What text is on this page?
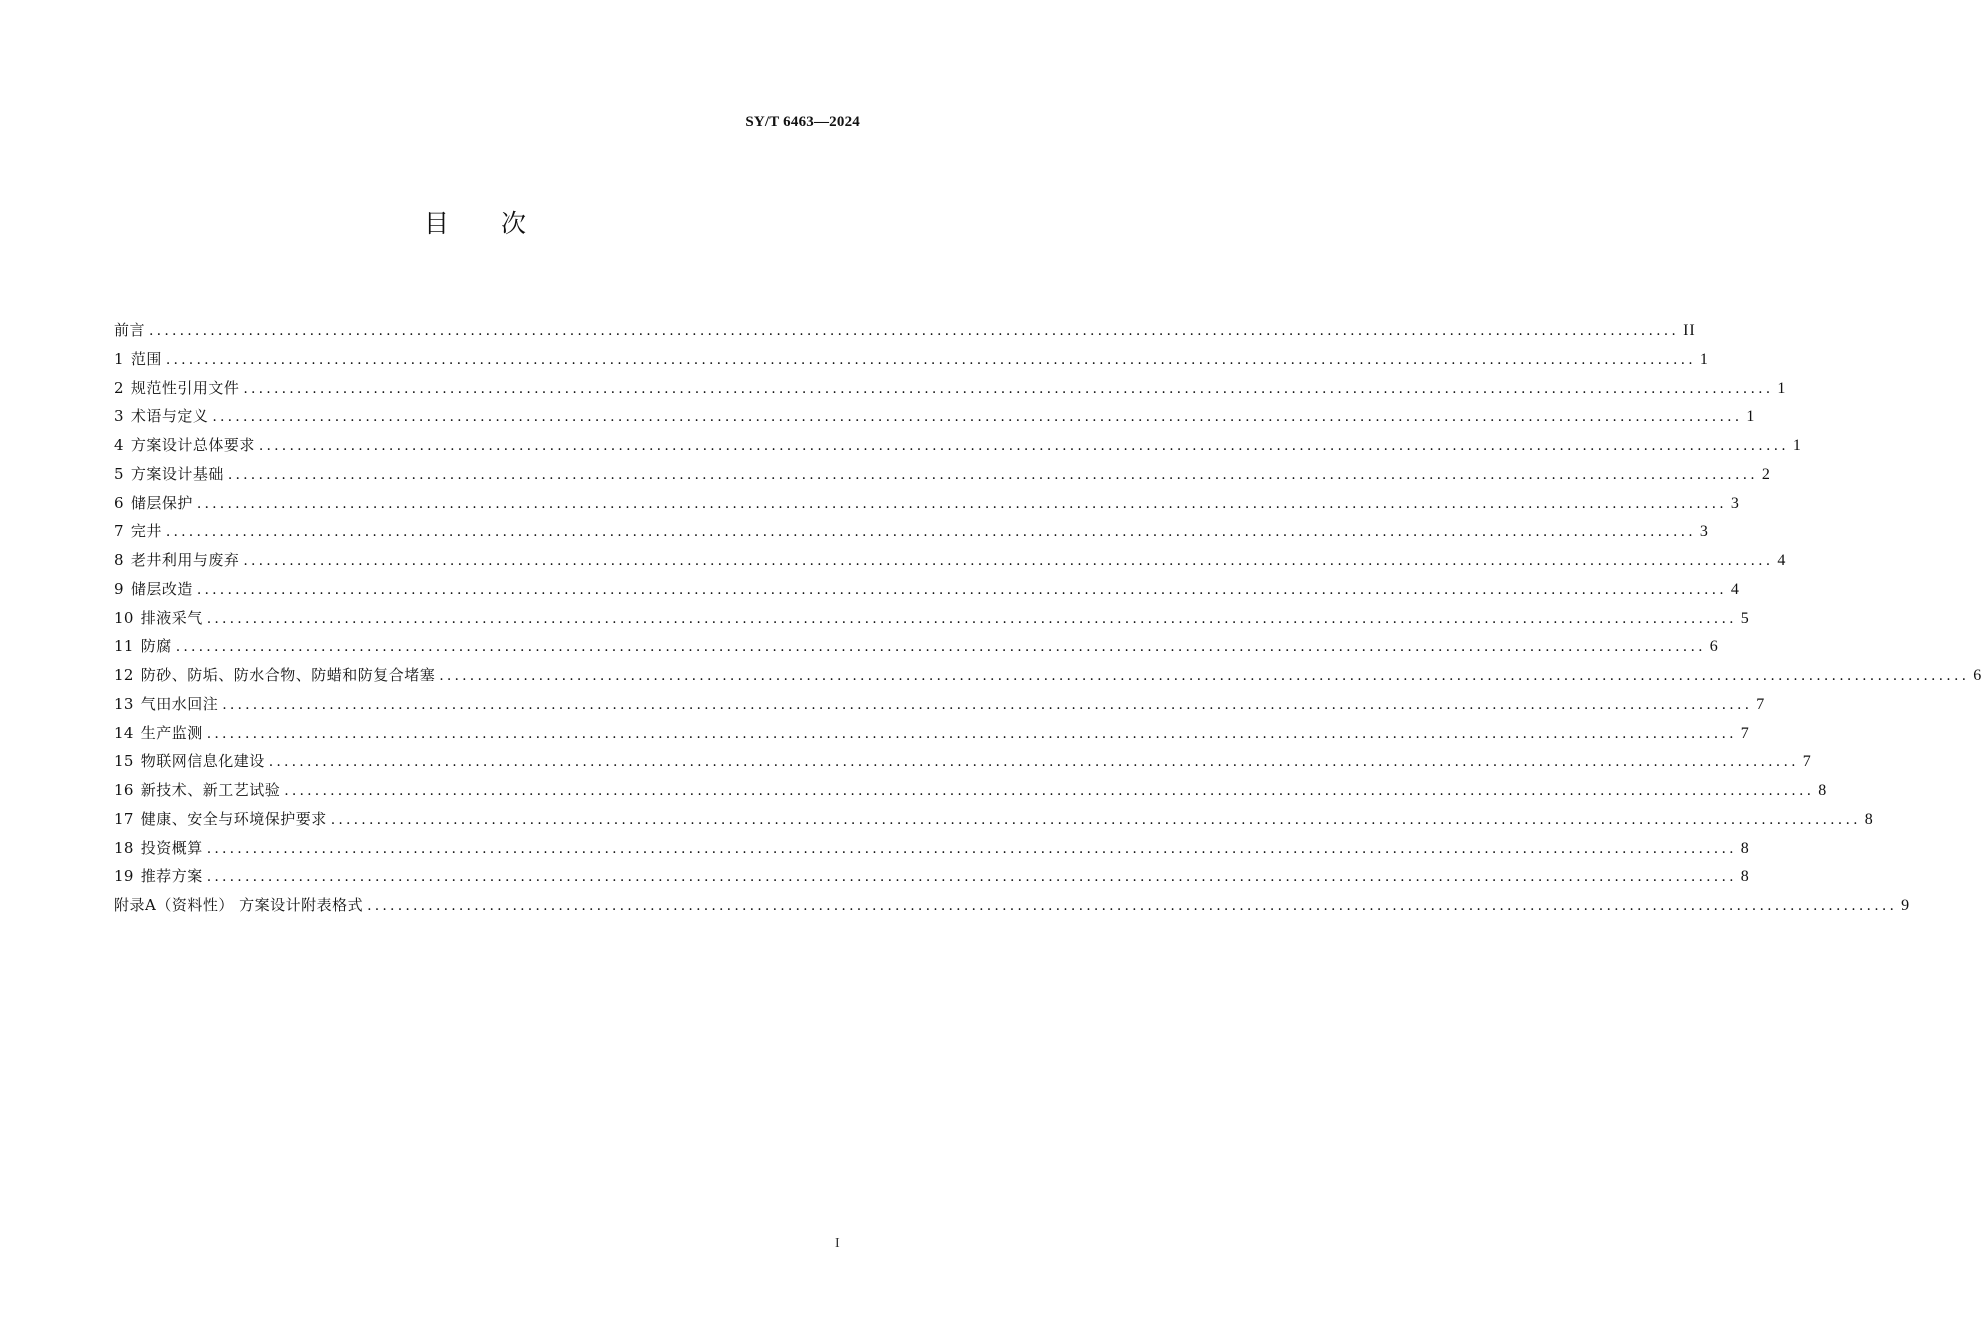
SY/T 6463—2024
目 次
前言 ........................................................................................................................................................................................................ II
1 范围 ........................................................................................................................................................................................................ 1
2 规范性引用文件 ........................................................................................................................................................................................................ 1
3 术语与定义 ........................................................................................................................................................................................................ 1
4 方案设计总体要求 ........................................................................................................................................................................................................ 1
5 方案设计基础 ........................................................................................................................................................................................................ 2
6 储层保护 ........................................................................................................................................................................................................ 3
7 完井 ........................................................................................................................................................................................................ 3
8 老井利用与废弃 ........................................................................................................................................................................................................ 4
9 储层改造 ........................................................................................................................................................................................................ 4
10 排液采气 ........................................................................................................................................................................................................ 5
11 防腐 ........................................................................................................................................................................................................ 6
12 防砂、防垢、防水合物、防蜡和防复合堵塞 ........................................................................................................................................................................................................ 6
13 气田水回注 ........................................................................................................................................................................................................ 7
14 生产监测 ........................................................................................................................................................................................................ 7
15 物联网信息化建设 ........................................................................................................................................................................................................ 7
16 新技术、新工艺试验 ........................................................................................................................................................................................................ 8
17 健康、安全与环境保护要求 ........................................................................................................................................................................................................ 8
18 投资概算 ........................................................................................................................................................................................................ 8
19 推荐方案 ........................................................................................................................................................................................................ 8
附录A（资料性） 方案设计附表格式 ........................................................................................................................................................................................................ 9
I
